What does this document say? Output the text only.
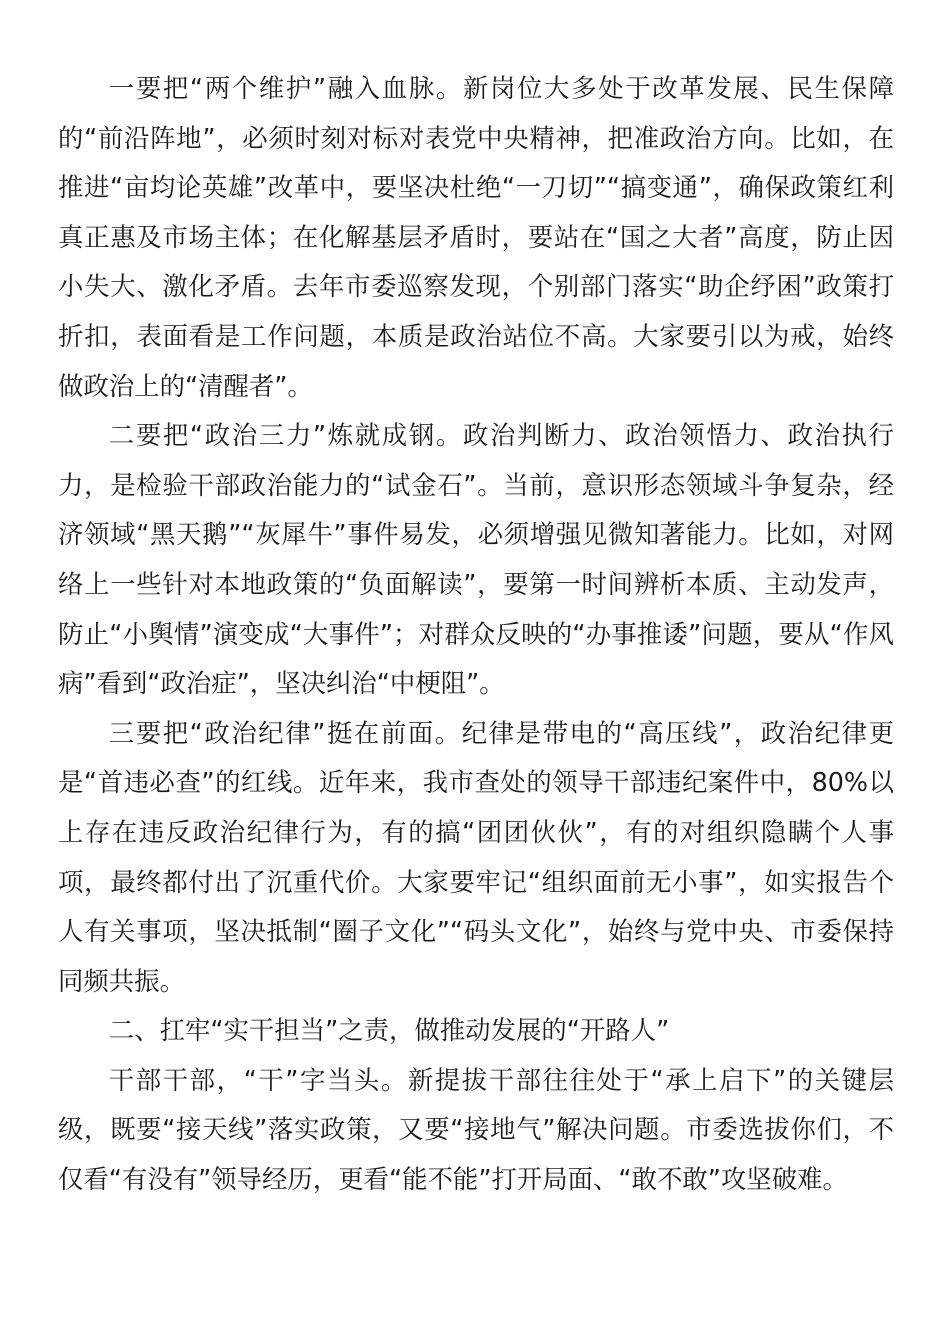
一要把“两个维护”融入血脉。新岗位大多处于改革发展、民生保障的“前沿阵地”，必须时刻对标对表党中央精神，把准政治方向。比如，在推进“亩均论英雄”改革中，要坚决杜绝“一刀切”“搞变通”，确保政策红利真正惠及市场主体；在化解基层矛盾时，要站在“国之大者”高度，防止因小失大、激化矛盾。去年市委巡察发现，个别部门落实“助企纾困”政策打折扣，表面看是工作问题，本质是政治站位不高。大家要引以为戒，始终做政治上的“清醒者”。

二要把“政治三力”炼就成钢。政治判断力、政治领悟力、政治执行力，是检验干部政治能力的“试金石”。当前，意识形态领域斗争复杂，经济领域“黑天鹅”“灰犀牛”事件易发，必须增强见微知著能力。比如，对网络上一些针对本地政策的“负面解读”，要第一时间辨析本质、主动发声，防止“小舆情”演变成“大事件”；对群众反映的“办事推诿”问题，要从“作风病”看到“政治症”，坚决纠治“中梗阻”。

三要把“政治纪律”挺在前面。纪律是带电的“高压线”，政治纪律更是“首违必查”的红线。近年来，我市查处的领导干部违纪案件中，80%以上存在违反政治纪律行为，有的搞“团团伙伙”，有的对组织隐瞒个人事项，最终都付出了沉重代价。大家要牢记“组织面前无小事”，如实报告个人有关事项，坚决抵制“圈子文化”“码头文化”，始终与党中央、市委保持同频共振。

二、扛牢“实干担当”之责，做推动发展的“开路人”

干部干部，“干”字当头。新提拔干部往往处于“承上启下”的关键层级，既要“接天线”落实政策，又要“接地气”解决问题。市委选拔你们，不仅看“有没有”领导经历，更看“能不能”打开局面、“敢不敢”攻坚破难。
